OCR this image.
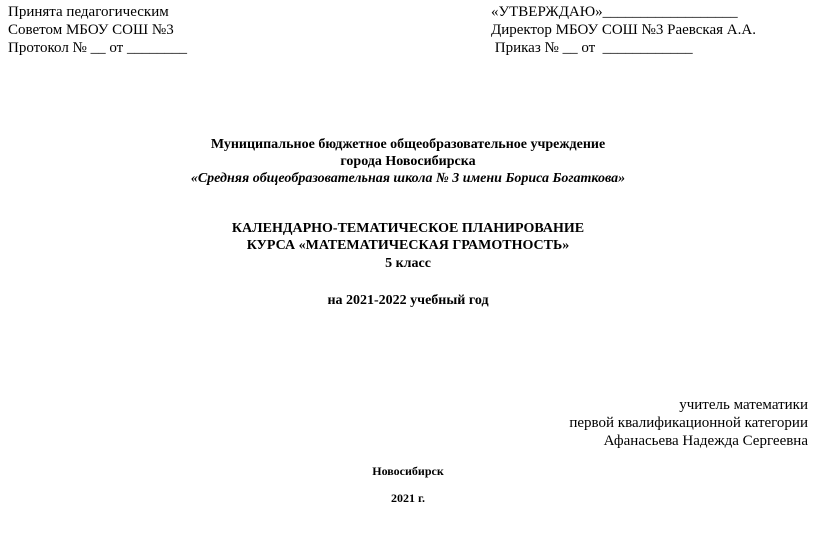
Принята педагогическим
Советом МБОУ СОШ №3
Протокол № __ от ________
«УТВЕРЖДАЮ»__________________
Директор МБОУ СОШ №3 Раевская А.А.
Приказ № __ от  ____________
Муниципальное бюджетное общеобразовательное учреждение
города Новосибирска
«Средняя общеобразовательная школа № 3 имени Бориса Богаткова»
КАЛЕНДАРНО-ТЕМАТИЧЕСКОЕ ПЛАНИРОВАНИЕ
КУРСА «МАТЕМАТИЧЕСКАЯ ГРАМОТНОСТЬ»
5 класс
на 2021-2022 учебный год
учитель математики
первой квалификационной категории
Афанасьева Надежда Сергеевна
Новосибирск
2021 г.
